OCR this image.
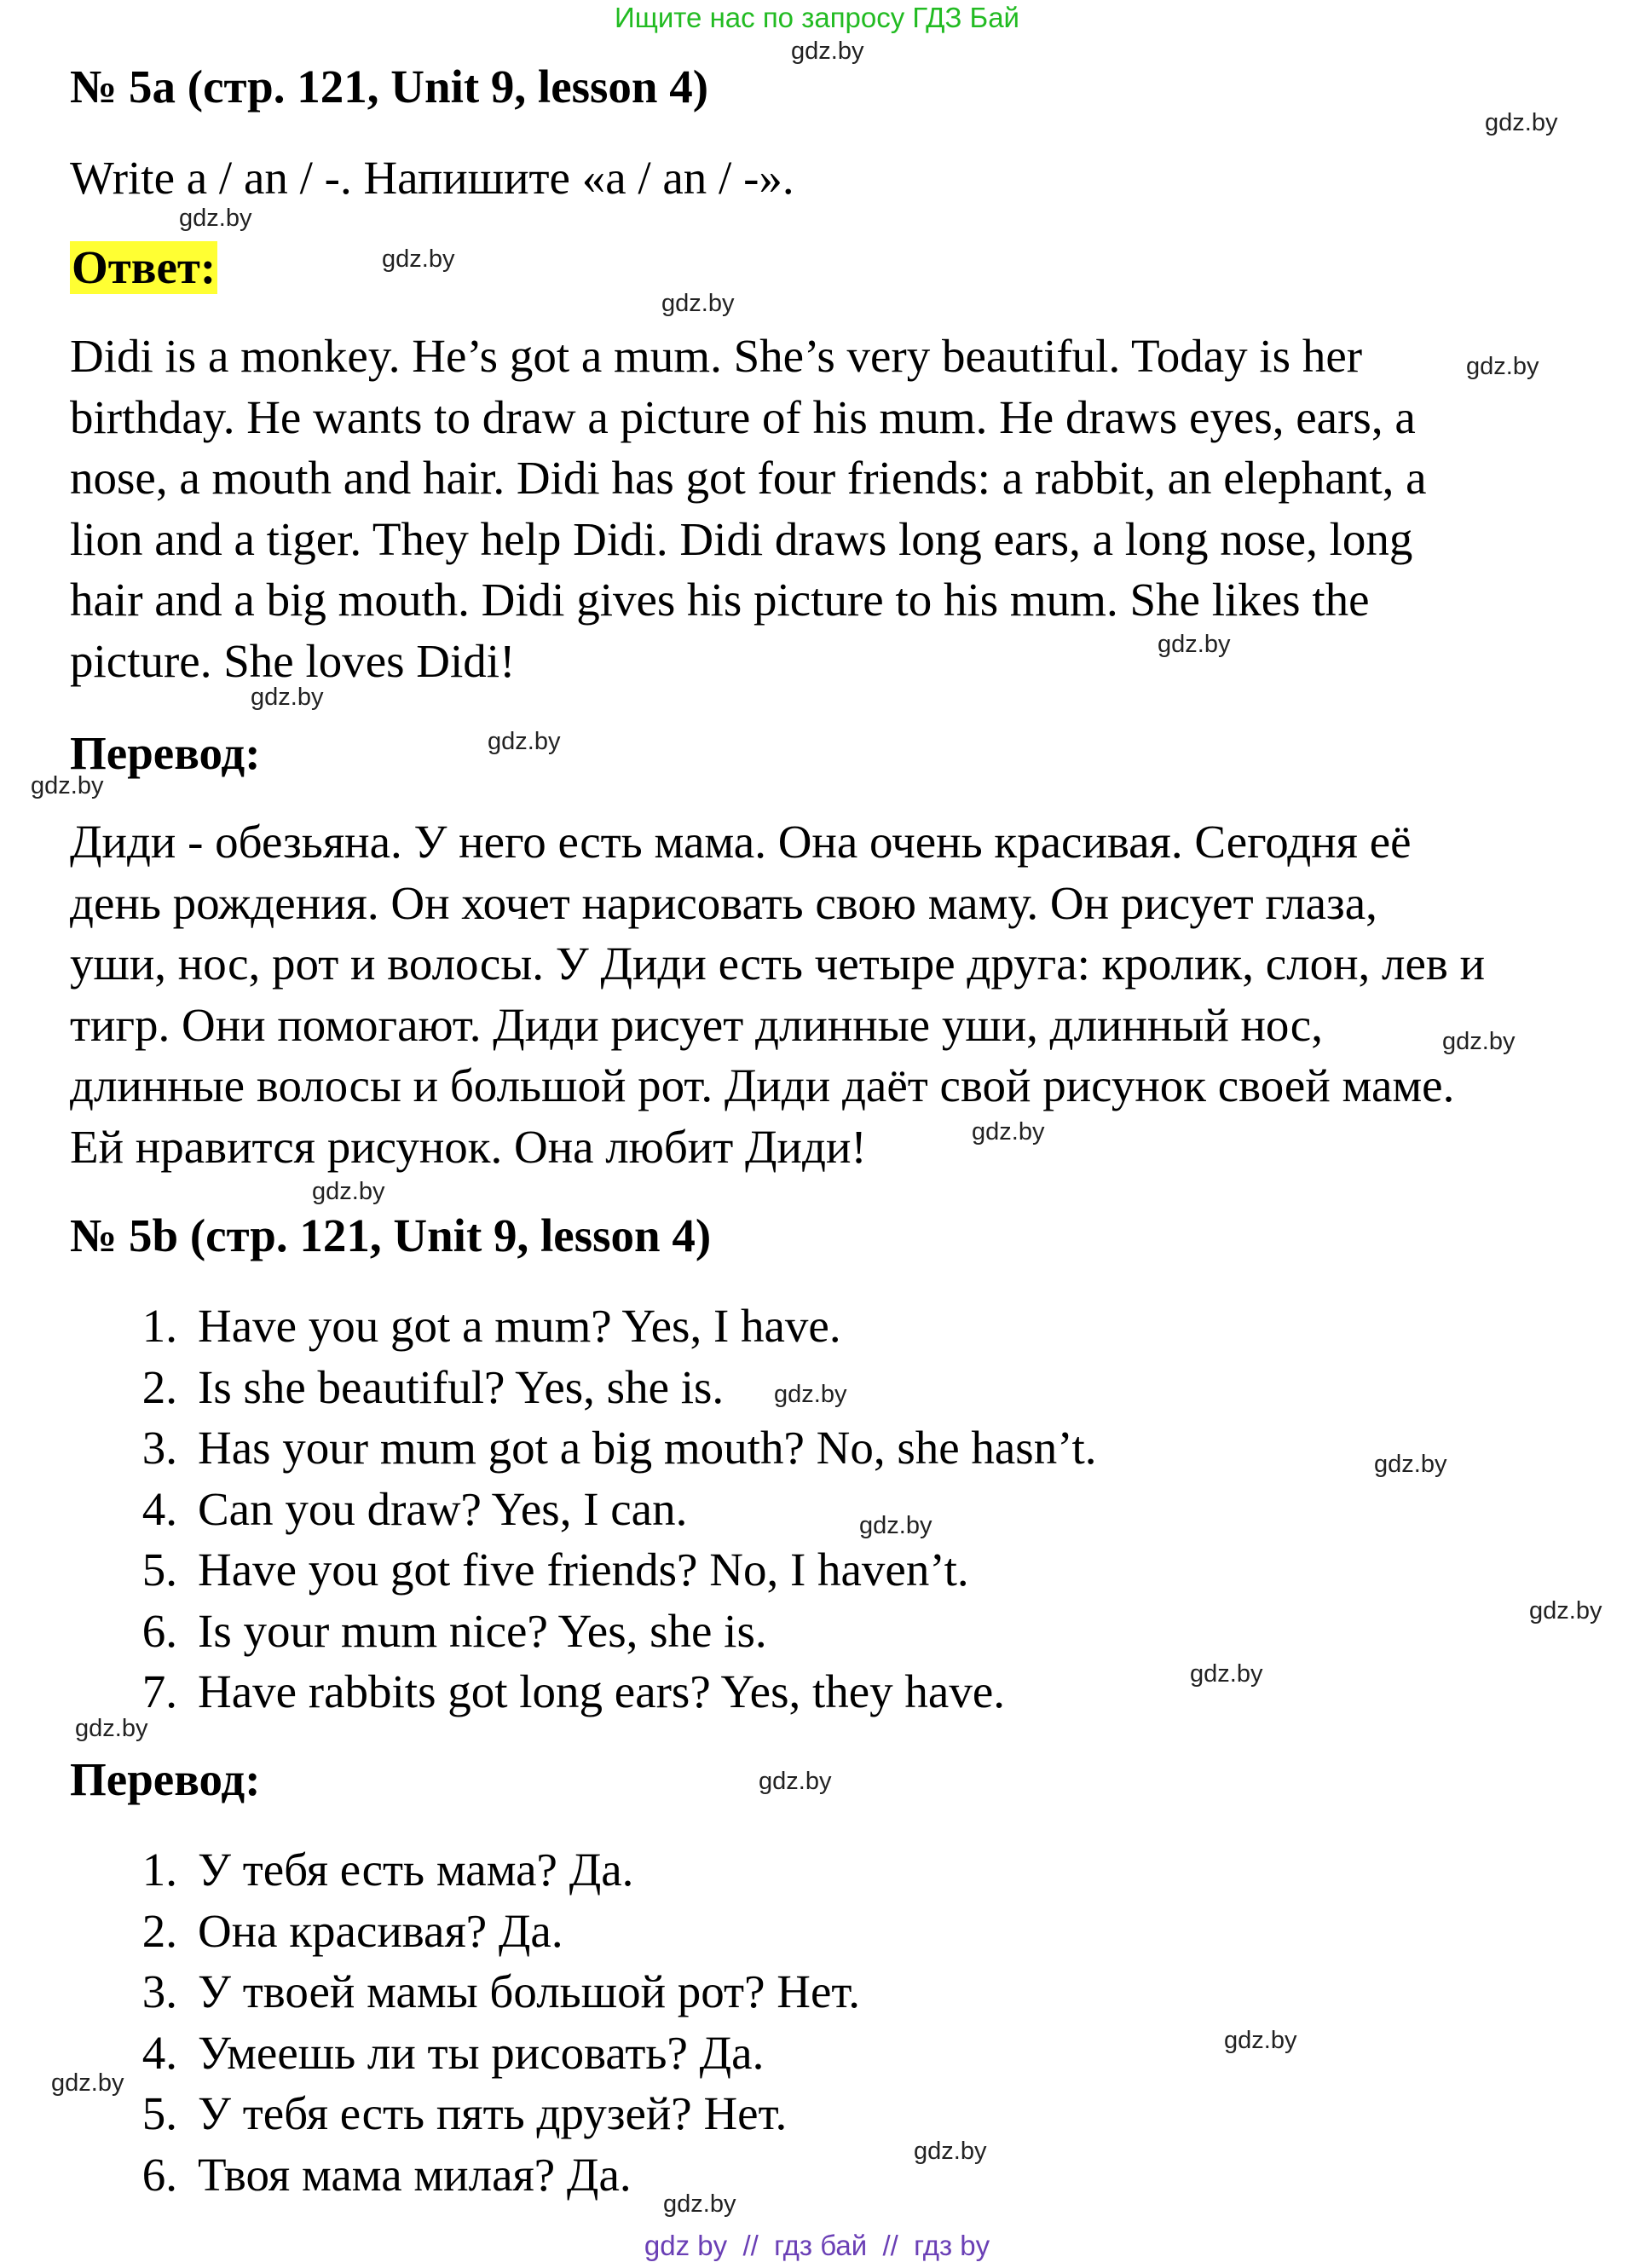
Ищите нас по запросу ГДЗ Бай
№ 5a (стр. 121, Unit 9, lesson 4)
Write a / an / -. Напишите «a / an / -».
Ответ:
Didi is a monkey. He’s got a mum. She’s very beautiful. Today is her
birthday. He wants to draw a picture of his mum. He draws eyes, ears, a
nose, a mouth and hair. Didi has got four friends: a rabbit, an elephant, a
lion and a tiger. They help Didi. Didi draws long ears, a long nose, long
hair and a big mouth. Didi gives his picture to his mum. She likes the
picture. She loves Didi!
Перевод:
Диди - обезьяна. У него есть мама. Она очень красивая. Сегодня её
день рождения. Он хочет нарисовать свою маму. Он рисует глаза,
уши, нос, рот и волосы. У Диди есть четыре друга: кролик, слон, лев и
тигр. Они помогают. Диди рисует длинные уши, длинный нос,
длинные волосы и большой рот. Диди даёт свой рисунок своей маме.
Ей нравится рисунок. Она любит Диди!
№ 5b (стр. 121, Unit 9, lesson 4)
1. Have you got a mum? Yes, I have.
2. Is she beautiful? Yes, she is.
3. Has your mum got a big mouth? No, she hasn’t.
4. Can you draw? Yes, I can.
5. Have you got five friends? No, I haven’t.
6. Is your mum nice? Yes, she is.
7. Have rabbits got long ears? Yes, they have.
Перевод:
1. У тебя есть мама? Да.
2. Она красивая? Да.
3. У твоей мамы большой рот? Нет.
4. Умеешь ли ты рисовать? Да.
5. У тебя есть пять друзей? Нет.
6. Твоя мама милая? Да.
gdz.by
gdz.by
gdz.by
gdz.by
gdz.by
gdz.by
gdz.by
gdz.by
gdz.by
gdz.by
gdz.by
gdz.by
gdz.by
gdz.by
gdz.by
gdz.by
gdz.by
gdz.by
gdz.by
gdz.by
gdz.by
gdz.by
gdz.by
gdz.by
gdz by  //  гдз бай  //  гдз by
